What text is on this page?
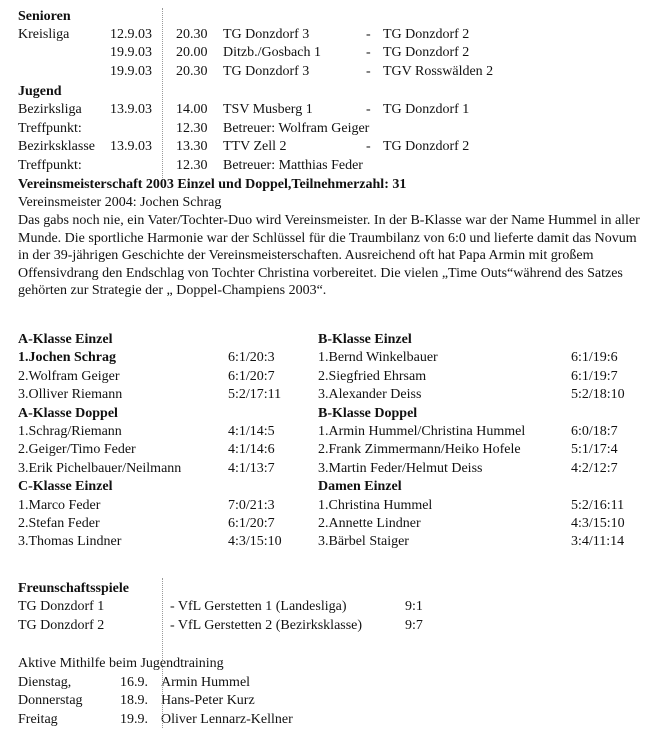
Senioren
Kreisliga	12.9.03 20.30 TG Donzdorf 3	- TG Donzdorf 2
19.9.03 20.00 Ditzb./Gosbach 1	- TG Donzdorf 2
19.9.03 20.30 TG Donzdorf 3	- TGV Rosswälden 2
Jugend
Bezirksliga 13.9.03 14.00 TSV Musberg 1	- TG Donzdorf 1
Treffpunkt:	12.30 Betreuer: Wolfram Geiger
Bezirksklasse 13.9.03 13.30 TTV Zell 2	- TG Donzdorf 2
Treffpunkt:	12.30 Betreuer: Matthias Feder
Vereinsmeisterschaft 2003 Einzel und Doppel,Teilnehmerzahl: 31
Vereinsmeister 2004: Jochen Schrag
Das gabs noch nie, ein Vater/Tochter-Duo wird Vereinsmeister. In der B-Klasse war der Name Hummel in aller Munde. Die sportliche Harmonie war der Schlüssel für die Traumbilanz von 6:0 und lieferte damit das Novum in der 39-jährigen Geschichte der Vereinsmeisterschaften. Ausreichend oft hat Papa Armin mit großem Offensivdrang den Endschlag von Tochter Christina vorbereitet. Die vielen „Time Outs“während des Satzes gehörten zur Strategie der „ Doppel-Champiens 2003“.
A-Klasse Einzel
1.Jochen Schrag	6:1/20:3
2.Wolfram Geiger	6:1/20:7
3.Olliver Riemann	5:2/17:11
A-Klasse Doppel
1.Schrag/Riemann	4:1/14:5
2.Geiger/Timo Feder	4:1/14:6
3.Erik Pichelbauer/Neilmann	4:1/13:7
C-Klasse Einzel
1.Marco Feder	7:0/21:3
2.Stefan Feder	6:1/20:7
3.Thomas Lindner	4:3/15:10
B-Klasse Einzel
1.Bernd Winkelbauer	6:1/19:6
2.Siegfried Ehrsam	6:1/19:7
3.Alexander Deiss	5:2/18:10
B-Klasse Doppel
1.Armin Hummel/Christina Hummel	6:0/18:7
2.Frank Zimmermann/Heiko Hofele	5:1/17:4
3.Martin Feder/Helmut Deiss	4:2/12:7
Damen Einzel
1.Christina Hummel	5:2/16:11
2.Annette Lindner	4:3/15:10
3.Bärbel Staiger	3:4/11:14
Freunschaftsspiele
TG Donzdorf 1	- VfL Gerstetten 1 (Landesliga)	9:1
TG Donzdorf 2	- VfL Gerstetten 2 (Bezirksklasse)	9:7
Aktive Mithilfe beim Jugendtraining
Dienstag,	16.9. Armin Hummel
Donnerstag	18.9. Hans-Peter Kurz
Freitag	19.9. Oliver Lennarz-Kellner
